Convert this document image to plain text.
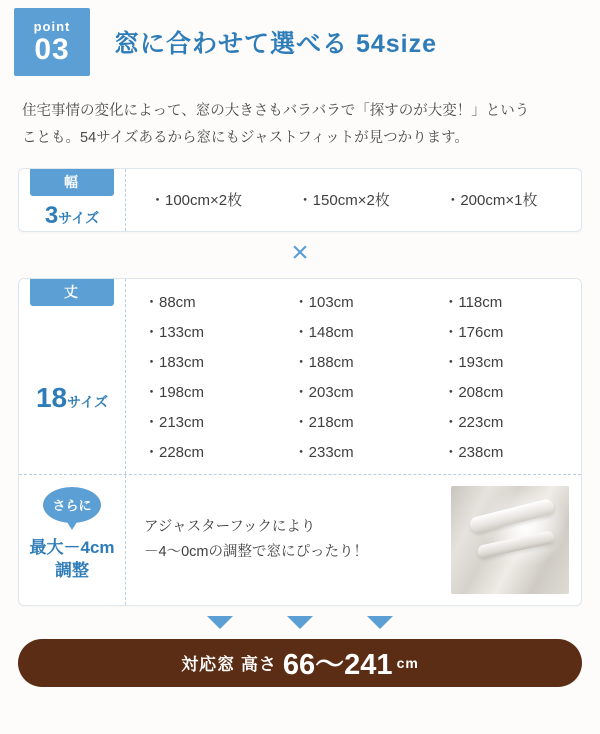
point
03 窓に合わせて選べる 54size
住宅事情の変化によって、窓の大きさもバラバラで「探すのが大変！」という
ことも。54サイズあるから窓にもジャストフィットが見つかります。
幅
3サイズ
・100cm×2枚	・150cm×2枚	・200cm×1枚
×
丈
18サイズ
・88cm	・103cm	・118cm
・133cm	・148cm	・176cm
・183cm	・188cm	・193cm
・198cm	・203cm	・208cm
・213cm	・218cm	・223cm
・228cm	・233cm	・238cm
さらに
最大－4cm
調整
アジャスターフックにより
－4〜0cmの調整で窓にぴったり！
対応窓 高さ 66〜241 cm
